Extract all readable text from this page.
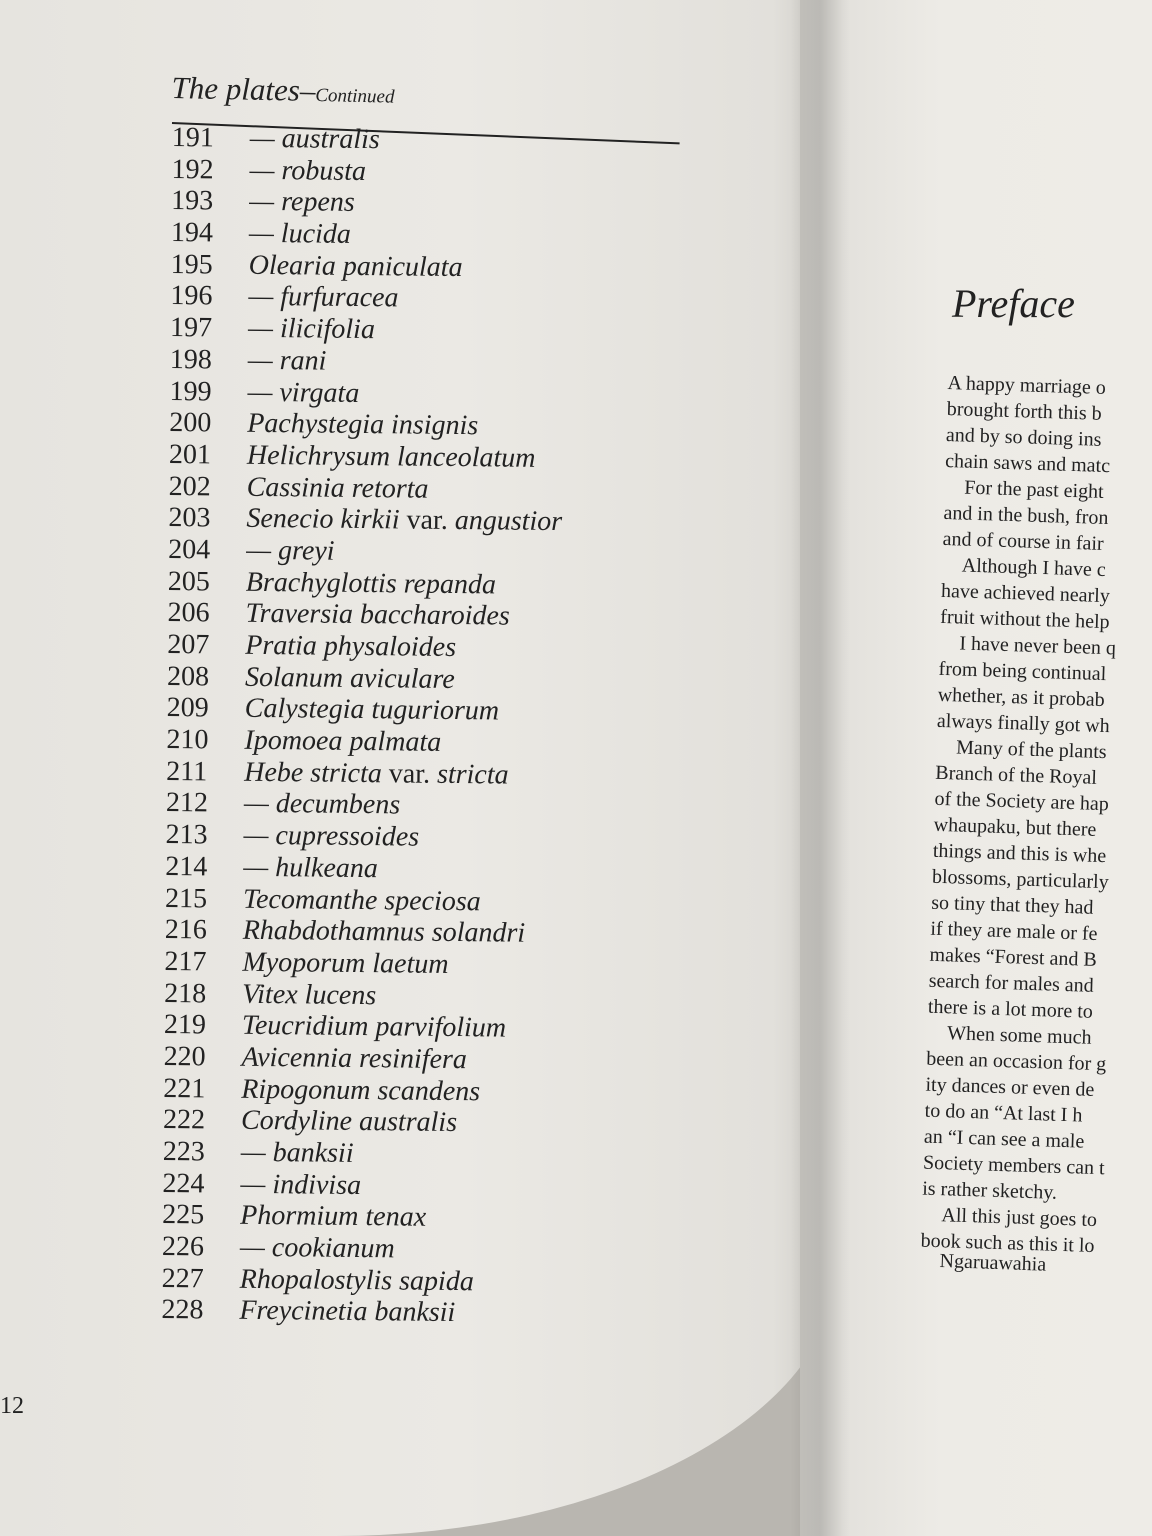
The plates–Continued
191 — australis
192 — robusta
193 — repens
194 — lucida
195 Olearia paniculata
196 — furfuracea
197 — ilicifolia
198 — rani
199 — virgata
200 Pachystegia insignis
201 Helichrysum lanceolatum
202 Cassinia retorta
203 Senecio kirkii var. angustior
204 — greyi
205 Brachyglottis repanda
206 Traversia baccharoides
207 Pratia physaloides
208 Solanum aviculare
209 Calystegia tuguriorum
210 Ipomoea palmata
211 Hebe stricta var. stricta
212 — decumbens
213 — cupressoides
214 — hulkeana
215 Tecomanthe speciosa
216 Rhabdothamnus solandri
217 Myoporum laetum
218 Vitex lucens
219 Teucridium parvifolium
220 Avicennia resinifera
221 Ripogonum scandens
222 Cordyline australis
223 — banksii
224 — indivisa
225 Phormium tenax
226 — cookianum
227 Rhopalostylis sapida
228 Freycinetia banksii
12
Preface
A happy marriage o
brought forth this b
and by so doing ins
chain saws and matc
For the past eight
and in the bush, fron
and of course in fair
Although I have c
have achieved nearly
fruit without the help
I have never been q
from being continual
whether, as it probab
always finally got wh
Many of the plants
Branch of the Royal
of the Society are hap
whaupaku, but there
things and this is whe
blossoms, particularly
so tiny that they had
if they are male or fe
makes “Forest and B
search for males and
there is a lot more to
When some much
been an occasion for g
ity dances or even de
to do an “At last I h
an “I can see a male
Society members can t
is rather sketchy.
All this just goes to
book such as this it lo
Ngaruawahia
